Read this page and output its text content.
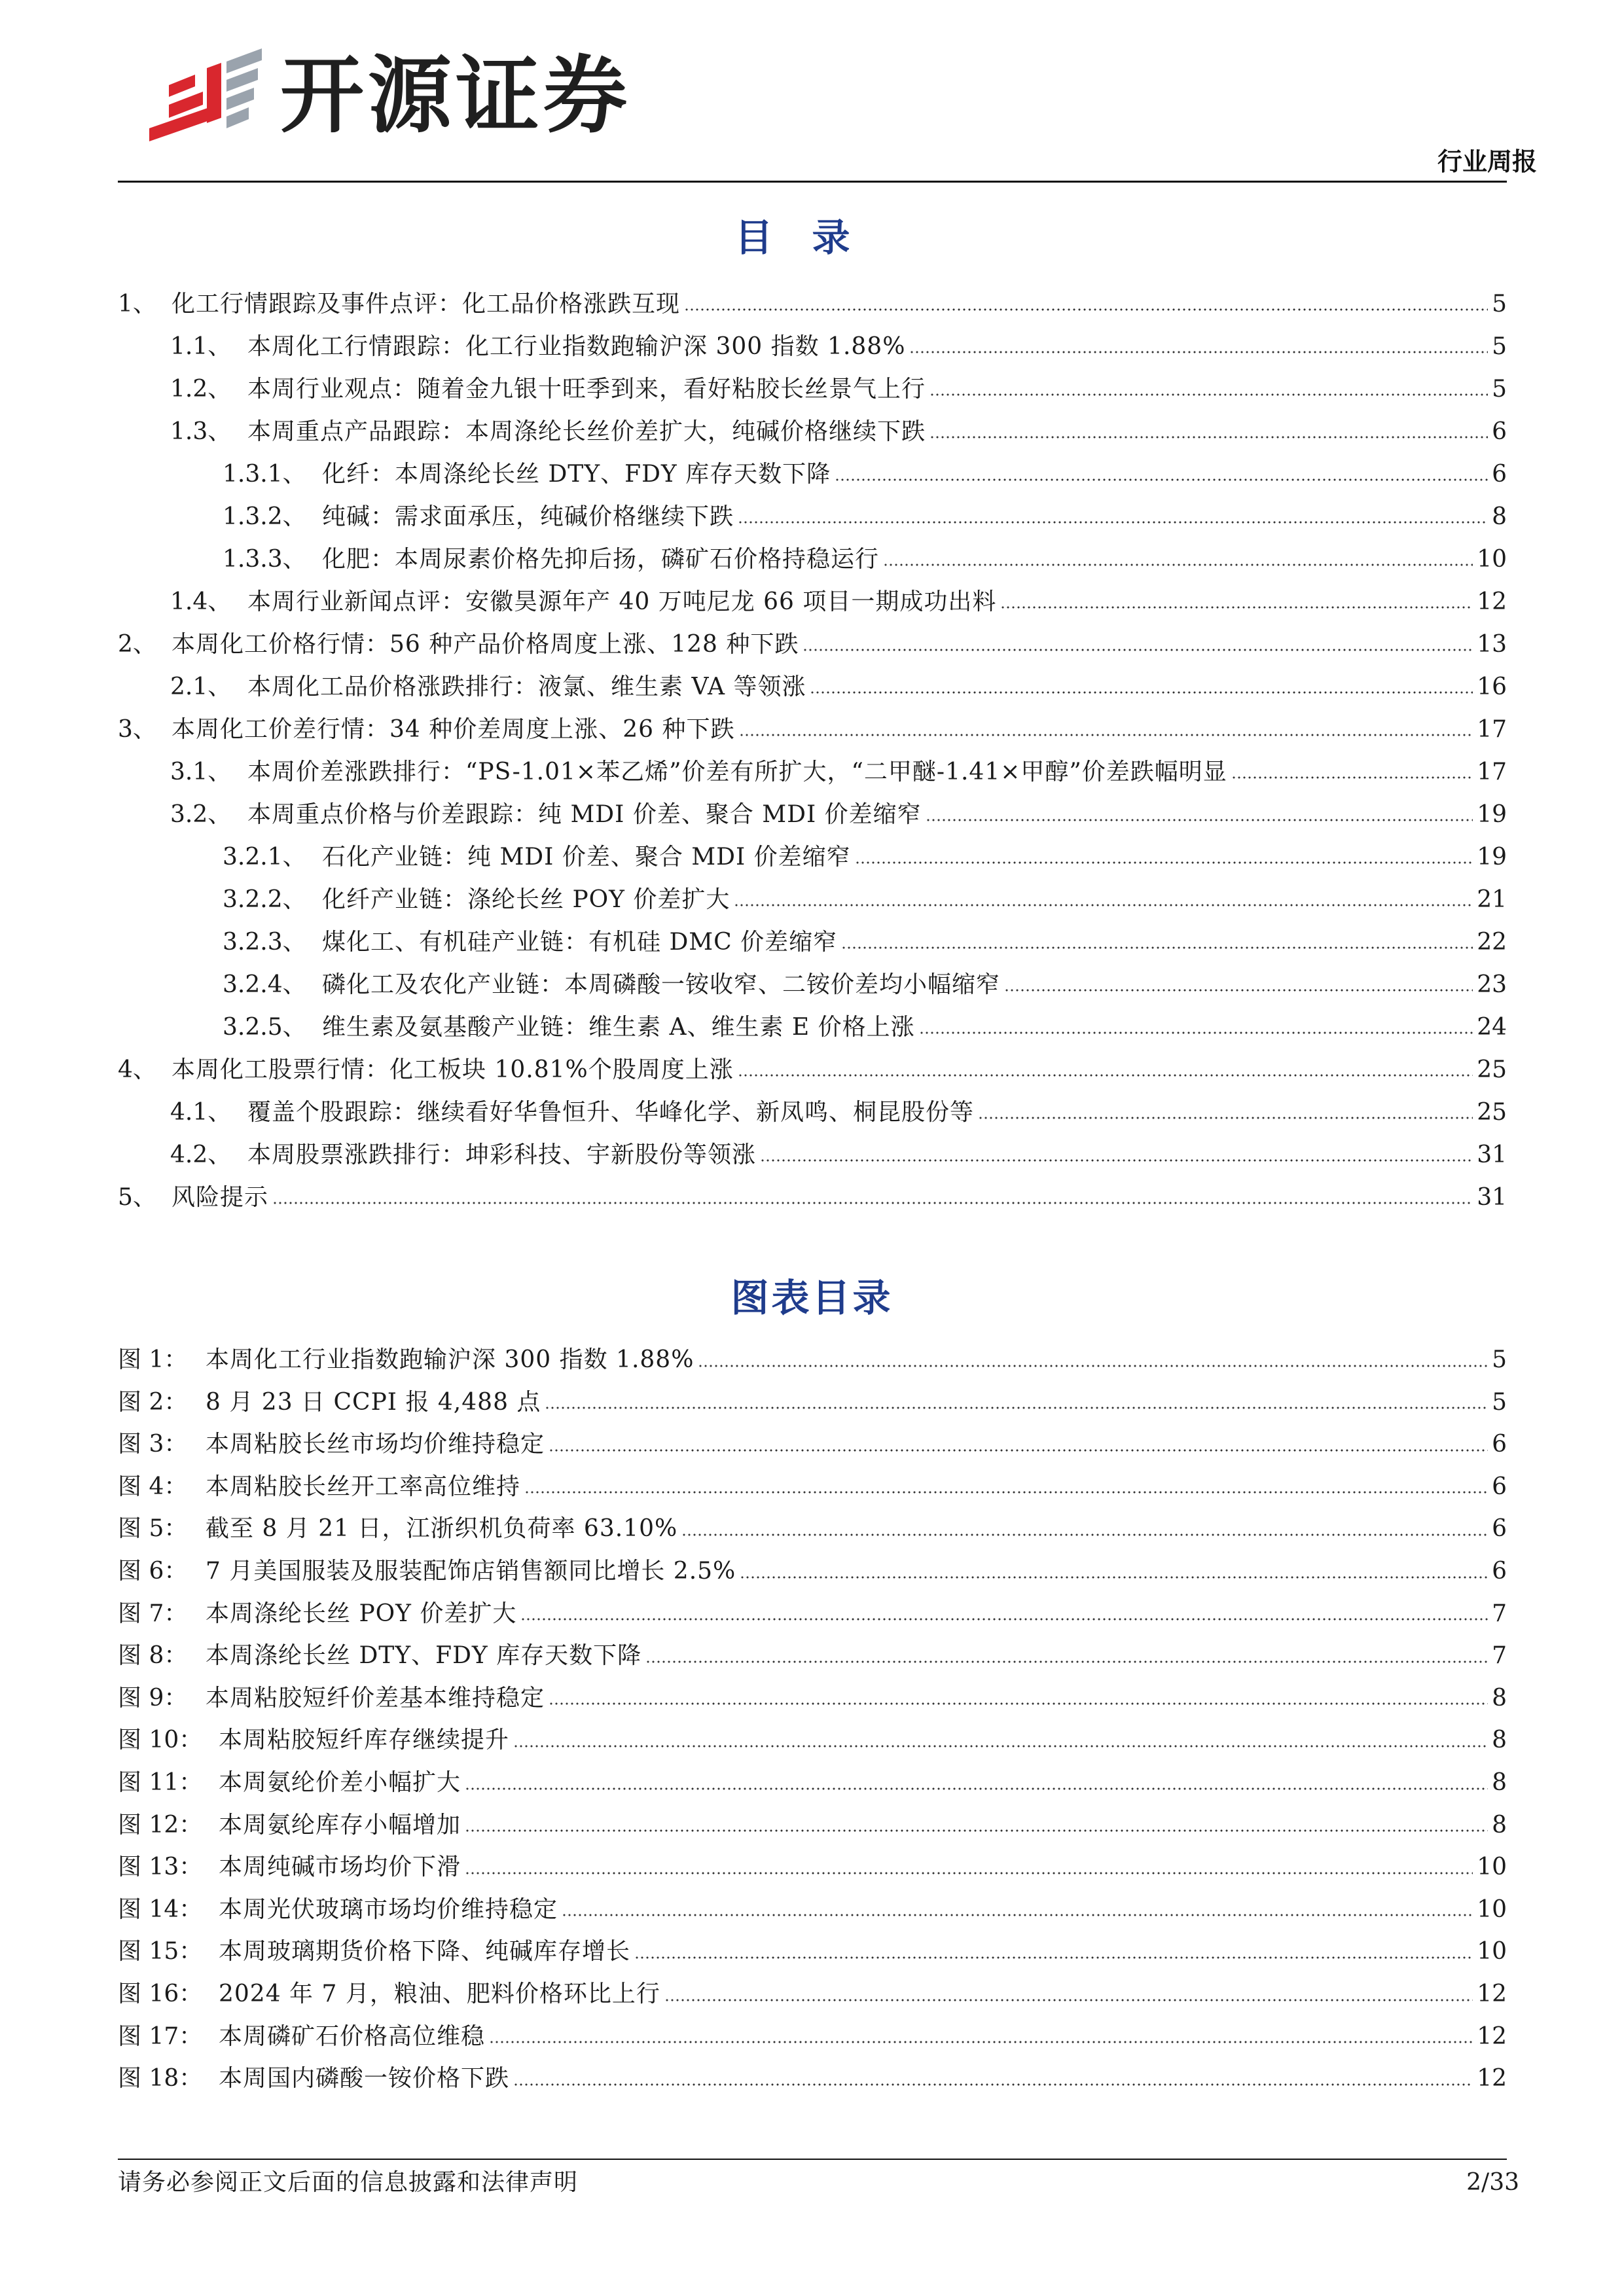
开源证券
行业周报
目录
1、 化工行情跟踪及事件点评：化工品价格涨跌互现	5
1.1、 本周化工行情跟踪：化工行业指数跑输沪深 300 指数 1.88%	5
1.2、 本周行业观点：随着金九银十旺季到来，看好粘胶长丝景气上行	5
1.3、 本周重点产品跟踪：本周涤纶长丝价差扩大，纯碱价格继续下跌	6
1.3.1、 化纤：本周涤纶长丝 DTY、FDY 库存天数下降	6
1.3.2、 纯碱：需求面承压，纯碱价格继续下跌	8
1.3.3、 化肥：本周尿素价格先抑后扬，磷矿石价格持稳运行	10
1.4、 本周行业新闻点评：安徽昊源年产 40 万吨尼龙 66 项目一期成功出料	12
2、 本周化工价格行情：56 种产品价格周度上涨、128 种下跌	13
2.1、 本周化工品价格涨跌排行：液氯、维生素 VA 等领涨	16
3、 本周化工价差行情：34 种价差周度上涨、26 种下跌	17
3.1、 本周价差涨跌排行：“PS-1.01×苯乙烯”价差有所扩大，“二甲醚-1.41×甲醇”价差跌幅明显	17
3.2、 本周重点价格与价差跟踪：纯 MDI 价差、聚合 MDI 价差缩窄	19
3.2.1、 石化产业链：纯 MDI 价差、聚合 MDI 价差缩窄	19
3.2.2、 化纤产业链：涤纶长丝 POY 价差扩大	21
3.2.3、 煤化工、有机硅产业链：有机硅 DMC 价差缩窄	22
3.2.4、 磷化工及农化产业链：本周磷酸一铵收窄、二铵价差均小幅缩窄	23
3.2.5、 维生素及氨基酸产业链：维生素 A、维生素 E 价格上涨	24
4、 本周化工股票行情：化工板块 10.81%个股周度上涨	25
4.1、 覆盖个股跟踪：继续看好华鲁恒升、华峰化学、新凤鸣、桐昆股份等	25
4.2、 本周股票涨跌排行：坤彩科技、宇新股份等领涨	31
5、 风险提示	31
图表目录
图 1： 本周化工行业指数跑输沪深 300 指数 1.88%	5
图 2： 8 月 23 日 CCPI 报 4,488 点	5
图 3： 本周粘胶长丝市场均价维持稳定	6
图 4： 本周粘胶长丝开工率高位维持	6
图 5： 截至 8 月 21 日，江浙织机负荷率 63.10%	6
图 6： 7 月美国服装及服装配饰店销售额同比增长 2.5%	6
图 7： 本周涤纶长丝 POY 价差扩大	7
图 8： 本周涤纶长丝 DTY、FDY 库存天数下降	7
图 9： 本周粘胶短纤价差基本维持稳定	8
图 10： 本周粘胶短纤库存继续提升	8
图 11： 本周氨纶价差小幅扩大	8
图 12： 本周氨纶库存小幅增加	8
图 13： 本周纯碱市场均价下滑	10
图 14： 本周光伏玻璃市场均价维持稳定	10
图 15： 本周玻璃期货价格下降、纯碱库存增长	10
图 16： 2024 年 7 月，粮油、肥料价格环比上行	12
图 17： 本周磷矿石价格高位维稳	12
图 18： 本周国内磷酸一铵价格下跌	12
请务必参阅正文后面的信息披露和法律声明	2/33
